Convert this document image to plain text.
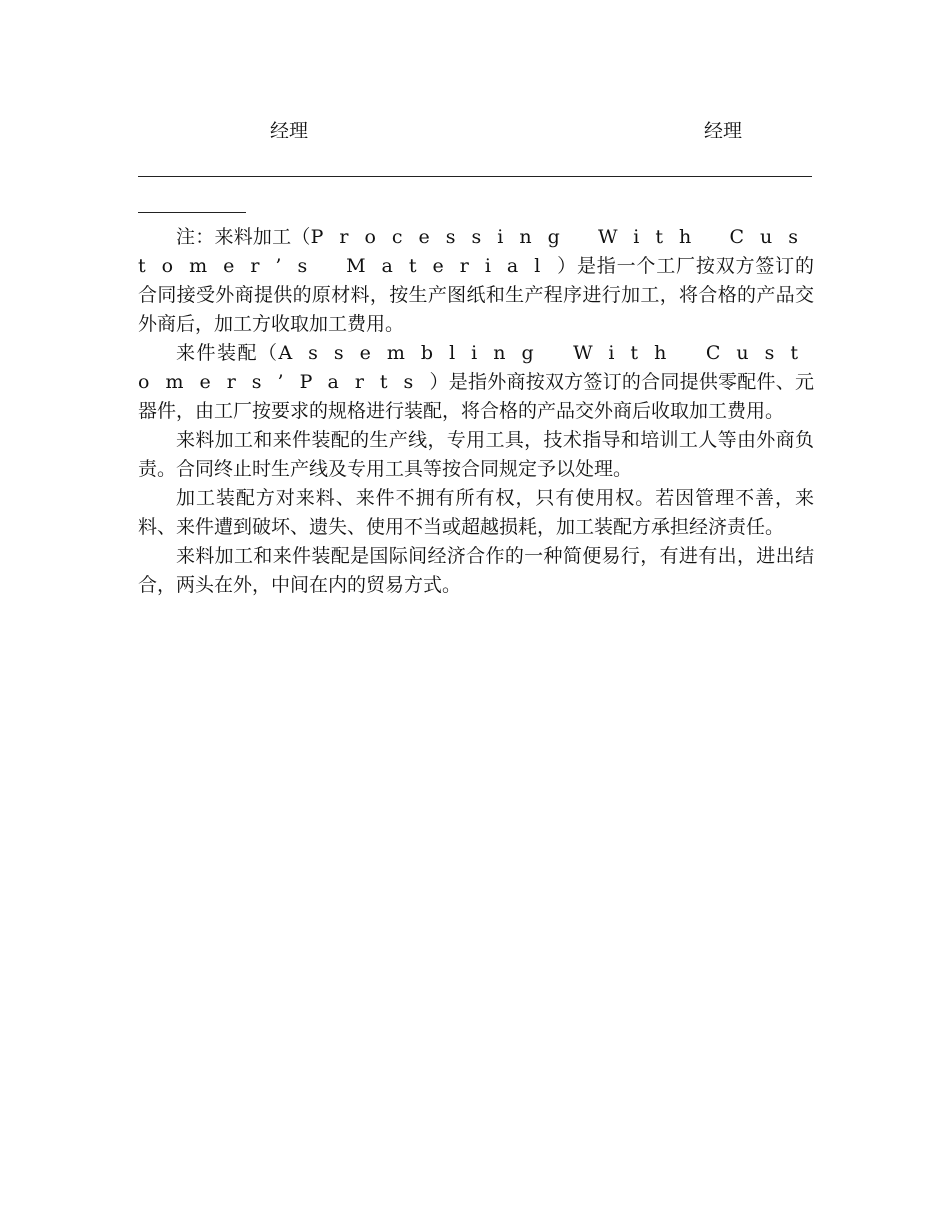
经理	经理

注：来料加工（Processing With Customer’s Material）是指一个工厂按双方签订的合同接受外商提供的原材料，按生产图纸和生产程序进行加工，将合格的产品交外商后，加工方收取加工费用。

来件装配（Assembling With Customers’Parts）是指外商按双方签订的合同提供零配件、元器件，由工厂按要求的规格进行装配，将合格的产品交外商后收取加工费用。

来料加工和来件装配的生产线，专用工具，技术指导和培训工人等由外商负责。合同终止时生产线及专用工具等按合同规定予以处理。

加工装配方对来料、来件不拥有所有权，只有使用权。若因管理不善，来料、来件遭到破坏、遗失、使用不当或超越损耗，加工装配方承担经济责任。

来料加工和来件装配是国际间经济合作的一种简便易行，有进有出，进出结合，两头在外，中间在内的贸易方式。
